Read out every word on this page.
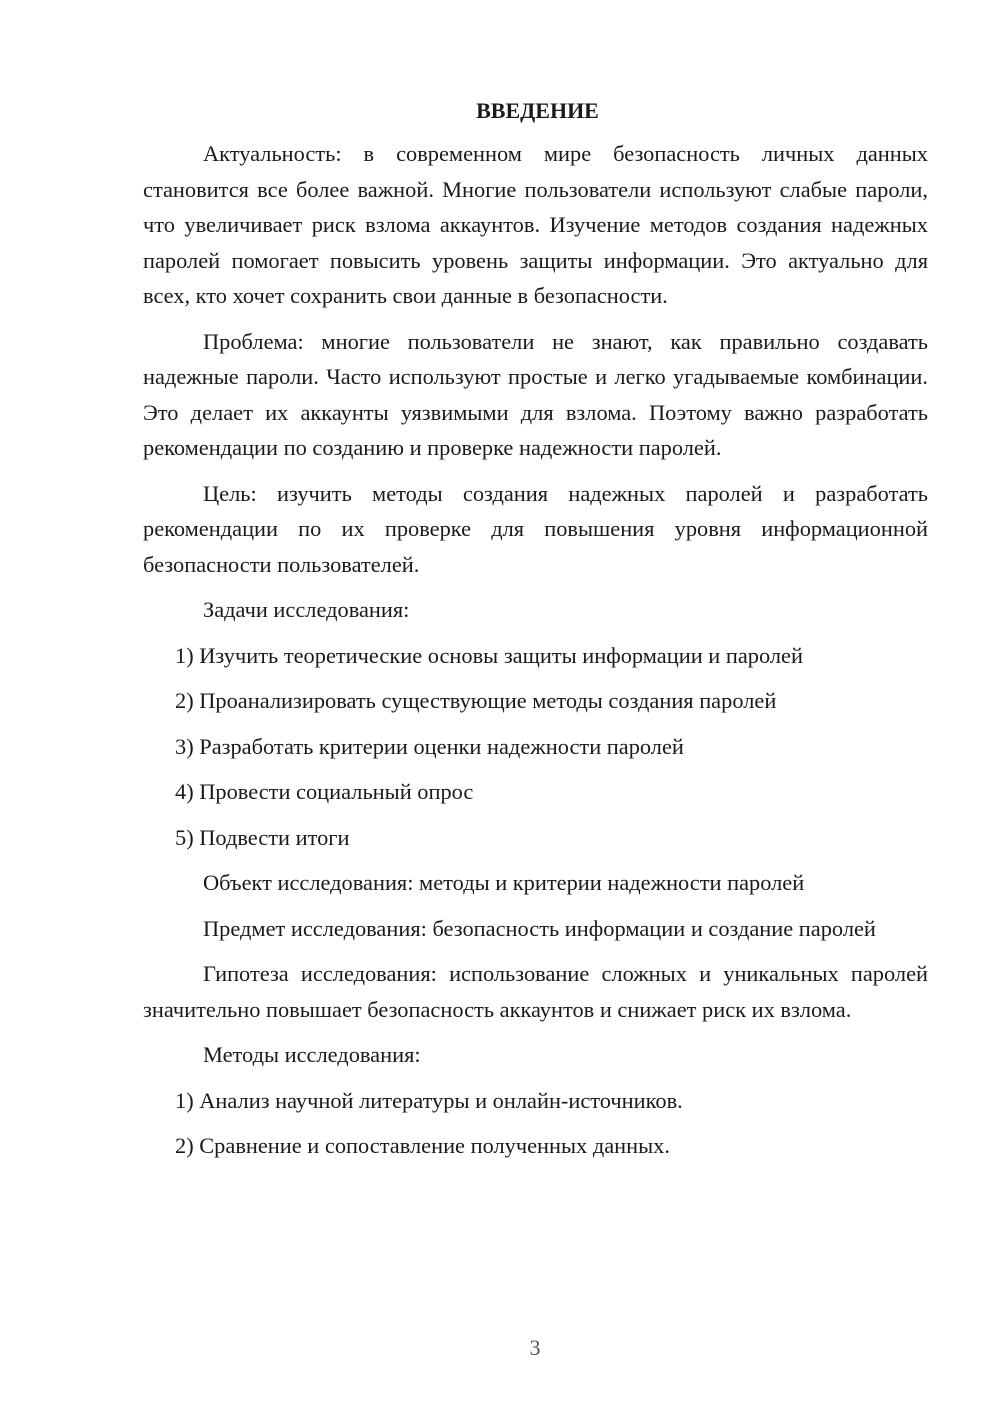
ВВЕДЕНИЕ

Актуальность: в современном мире безопасность личных данных становится все более важной. Многие пользователи используют слабые пароли, что увеличивает риск взлома аккаунтов. Изучение методов создания надежных паролей помогает повысить уровень защиты информации. Это актуально для всех, кто хочет сохранить свои данные в безопасности.

Проблема: многие пользователи не знают, как правильно создавать надежные пароли. Часто используют простые и легко угадываемые комбинации. Это делает их аккаунты уязвимыми для взлома. Поэтому важно разработать рекомендации по созданию и проверке надежности паролей.

Цель: изучить методы создания надежных паролей и разработать рекомендации по их проверке для повышения уровня информационной безопасности пользователей.

Задачи исследования:

1) Изучить теоретические основы защиты информации и паролей
2) Проанализировать существующие методы создания паролей
3) Разработать критерии оценки надежности паролей
4) Провести социальный опрос
5) Подвести итоги

Объект исследования: методы и критерии надежности паролей

Предмет исследования: безопасность информации и создание паролей

Гипотеза исследования: использование сложных и уникальных паролей значительно повышает безопасность аккаунтов и снижает риск их взлома.

Методы исследования:

1) Анализ научной литературы и онлайн-источников.
2) Сравнение и сопоставление полученных данных.
3
